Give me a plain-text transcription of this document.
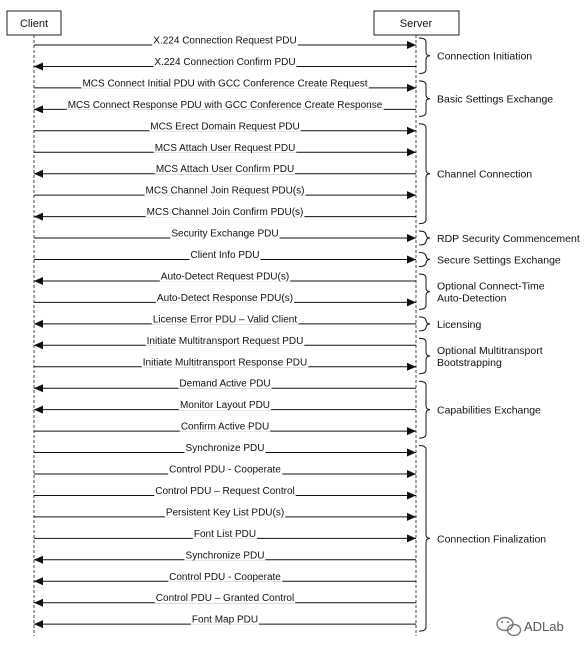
Client	Server
X.224 Connection Request PDU
X.224 Connection Confirm PDU
MCS Connect Initial PDU with GCC Conference Create Request
MCS Connect Response PDU with GCC Conference Create Response
MCS Erect Domain Request PDU
MCS Attach User Request PDU
MCS Attach User Confirm PDU
MCS Channel Join Request PDU(s)
MCS Channel Join Confirm PDU(s)
Security Exchange PDU
Client Info PDU
Auto-Detect Request PDU(s)
Auto-Detect Response PDU(s)
License Error PDU – Valid Client
Initiate Multitransport Request PDU
Initiate Multitransport Response PDU
Demand Active PDU
Monitor Layout PDU
Confirm Active PDU
Synchronize PDU
Control PDU - Cooperate
Control PDU – Request Control
Persistent Key List PDU(s)
Font List PDU
Synchronize PDU
Control PDU - Cooperate
Control PDU – Granted Control
Font Map PDU
Connection Initiation
Basic Settings Exchange
Channel Connection
RDP Security Commencement
Secure Settings Exchange
Optional Connect-Time
Auto-Detection
Licensing
Optional Multitransport
Bootstrapping
Capabilities Exchange
Connection Finalization
ADLab
